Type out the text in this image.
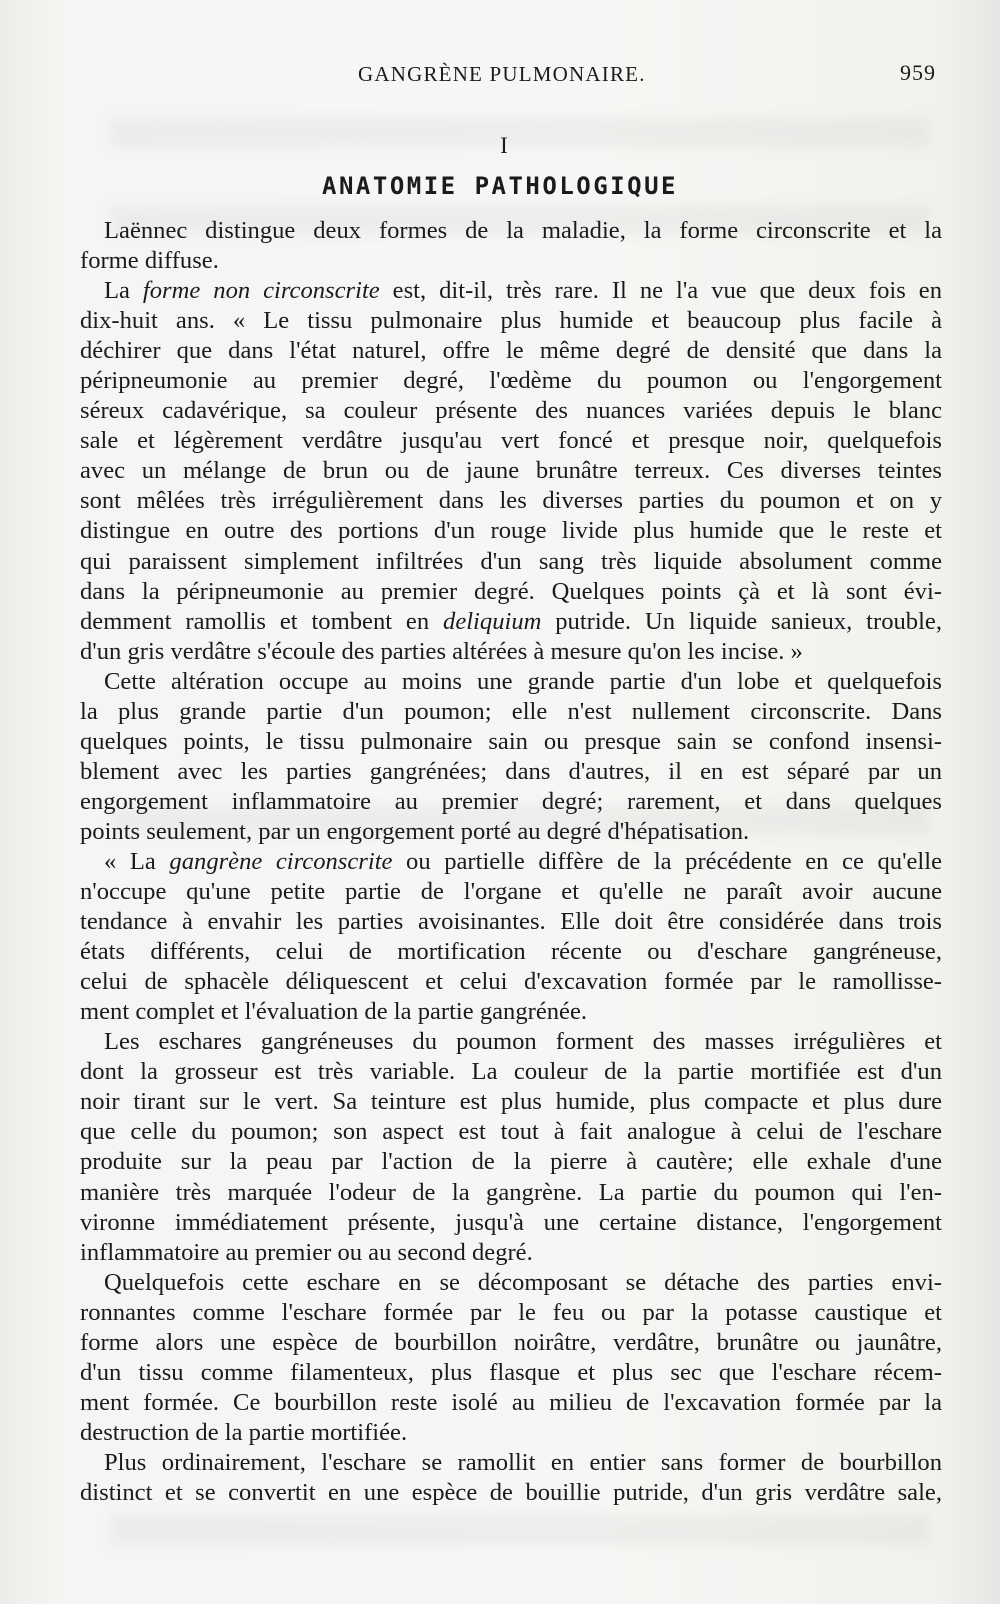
GANGRÈNE PULMONAIRE.	959
I
ANATOMIE PATHOLOGIQUE
Laënnec distingue deux formes de la maladie, la forme circonscrite et la
forme diffuse.
La forme non circonscrite est, dit-il, très rare. Il ne l'a vue que deux fois en
dix-huit ans. « Le tissu pulmonaire plus humide et beaucoup plus facile à
déchirer que dans l'état naturel, offre le même degré de densité que dans la
péripneumonie au premier degré, l'œdème du poumon ou l'engorgement
séreux cadavérique, sa couleur présente des nuances variées depuis le blanc
sale et légèrement verdâtre jusqu'au vert foncé et presque noir, quelquefois
avec un mélange de brun ou de jaune brunâtre terreux. Ces diverses teintes
sont mêlées très irrégulièrement dans les diverses parties du poumon et on y
distingue en outre des portions d'un rouge livide plus humide que le reste et
qui paraissent simplement infiltrées d'un sang très liquide absolument comme
dans la péripneumonie au premier degré. Quelques points çà et là sont évi-
demment ramollis et tombent en deliquium putride. Un liquide sanieux, trouble,
d'un gris verdâtre s'écoule des parties altérées à mesure qu'on les incise. »
Cette altération occupe au moins une grande partie d'un lobe et quelquefois
la plus grande partie d'un poumon; elle n'est nullement circonscrite. Dans
quelques points, le tissu pulmonaire sain ou presque sain se confond insensi-
blement avec les parties gangrénées; dans d'autres, il en est séparé par un
engorgement inflammatoire au premier degré; rarement, et dans quelques
points seulement, par un engorgement porté au degré d'hépatisation.
« La gangrène circonscrite ou partielle diffère de la précédente en ce qu'elle
n'occupe qu'une petite partie de l'organe et qu'elle ne paraît avoir aucune
tendance à envahir les parties avoisinantes. Elle doit être considérée dans trois
états différents, celui de mortification récente ou d'eschare gangréneuse,
celui de sphacèle déliquescent et celui d'excavation formée par le ramollisse-
ment complet et l'évaluation de la partie gangrénée.
Les eschares gangréneuses du poumon forment des masses irrégulières et
dont la grosseur est très variable. La couleur de la partie mortifiée est d'un
noir tirant sur le vert. Sa teinture est plus humide, plus compacte et plus dure
que celle du poumon; son aspect est tout à fait analogue à celui de l'eschare
produite sur la peau par l'action de la pierre à cautère; elle exhale d'une
manière très marquée l'odeur de la gangrène. La partie du poumon qui l'en-
vironne immédiatement présente, jusqu'à une certaine distance, l'engorgement
inflammatoire au premier ou au second degré.
Quelquefois cette eschare en se décomposant se détache des parties envi-
ronnantes comme l'eschare formée par le feu ou par la potasse caustique et
forme alors une espèce de bourbillon noirâtre, verdâtre, brunâtre ou jaunâtre,
d'un tissu comme filamenteux, plus flasque et plus sec que l'eschare récem-
ment formée. Ce bourbillon reste isolé au milieu de l'excavation formée par la
destruction de la partie mortifiée.
Plus ordinairement, l'eschare se ramollit en entier sans former de bourbillon
distinct et se convertit en une espèce de bouillie putride, d'un gris verdâtre sale,
